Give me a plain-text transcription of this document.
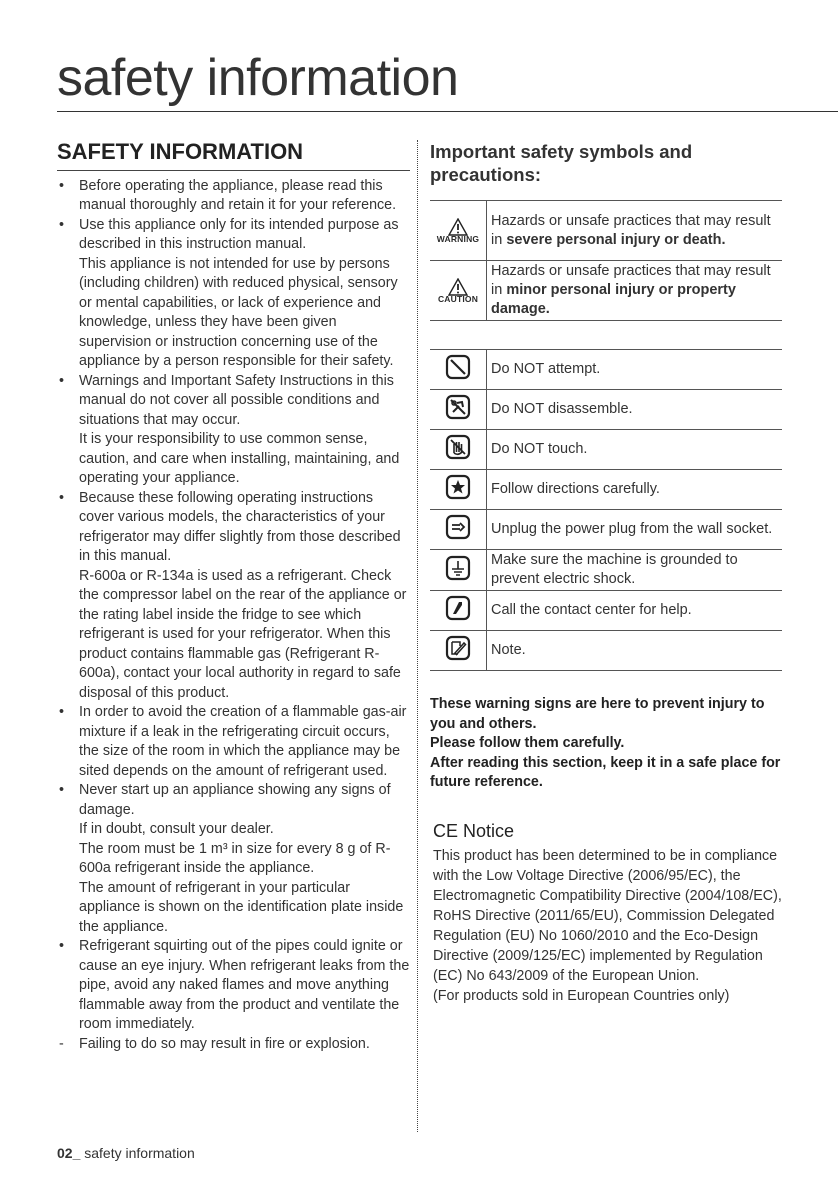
safety information
SAFETY INFORMATION
• Before operating the appliance, please read this manual thoroughly and retain it for your reference.
• Use this appliance only for its intended purpose as described in this instruction manual.
This appliance is not intended for use by persons (including children) with reduced physical, sensory or mental capabilities, or lack of experience and knowledge, unless they have been given supervision or instruction concerning use of the appliance by a person responsible for their safety.
• Warnings and Important Safety Instructions in this manual do not cover all possible conditions and situations that may occur.
It is your responsibility to use common sense, caution, and care when installing, maintaining, and operating your appliance.
• Because these following operating instructions cover various models, the characteristics of your refrigerator may differ slightly from those described in this manual.
R-600a or R-134a is used as a refrigerant. Check the compressor label on the rear of the appliance or the rating label inside the fridge to see which refrigerant is used for your refrigerator. When this product contains flammable gas (Refrigerant R-600a), contact your local authority in regard to safe disposal of this product.
• In order to avoid the creation of a flammable gas-air mixture if a leak in the refrigerating circuit occurs, the size of the room in which the appliance may be sited depends on the amount of refrigerant used.
• Never start up an appliance showing any signs of damage.
If in doubt, consult your dealer.
The room must be 1 m³ in size for every 8 g of R-600a refrigerant inside the appliance.
The amount of refrigerant in your particular appliance is shown on the identification plate inside the appliance.
• Refrigerant squirting out of the pipes could ignite or cause an eye injury. When refrigerant leaks from the pipe, avoid any naked flames and move anything flammable away from the product and ventilate the room immediately.
- Failing to do so may result in fire or explosion.
Important safety symbols and precautions:
WARNING	Hazards or unsafe practices that may result in severe personal injury or death.

CAUTION	Hazards or unsafe practices that may result in minor personal injury or property damage.
	Do NOT attempt.
	Do NOT disassemble.
	Do NOT touch.
	Follow directions carefully.
	Unplug the power plug from the wall socket.
	Make sure the machine is grounded to prevent electric shock.
	Call the contact center for help.
	Note.

These warning signs are here to prevent injury to you and others.

Please follow them carefully.

After reading this section, keep it in a safe place for future reference.

CE Notice

This product has been determined to be in compliance with the Low Voltage Directive (2006/95/EC), the Electromagnetic Compatibility Directive (2004/108/EC), RoHS Directive (2011/65/EU), Commission Delegated Regulation (EU) No 1060/2010 and the Eco-Design Directive (2009/125/EC) implemented by Regulation (EC) No 643/2009 of the European Union.

(For products sold in European Countries only)

02_ safety information
